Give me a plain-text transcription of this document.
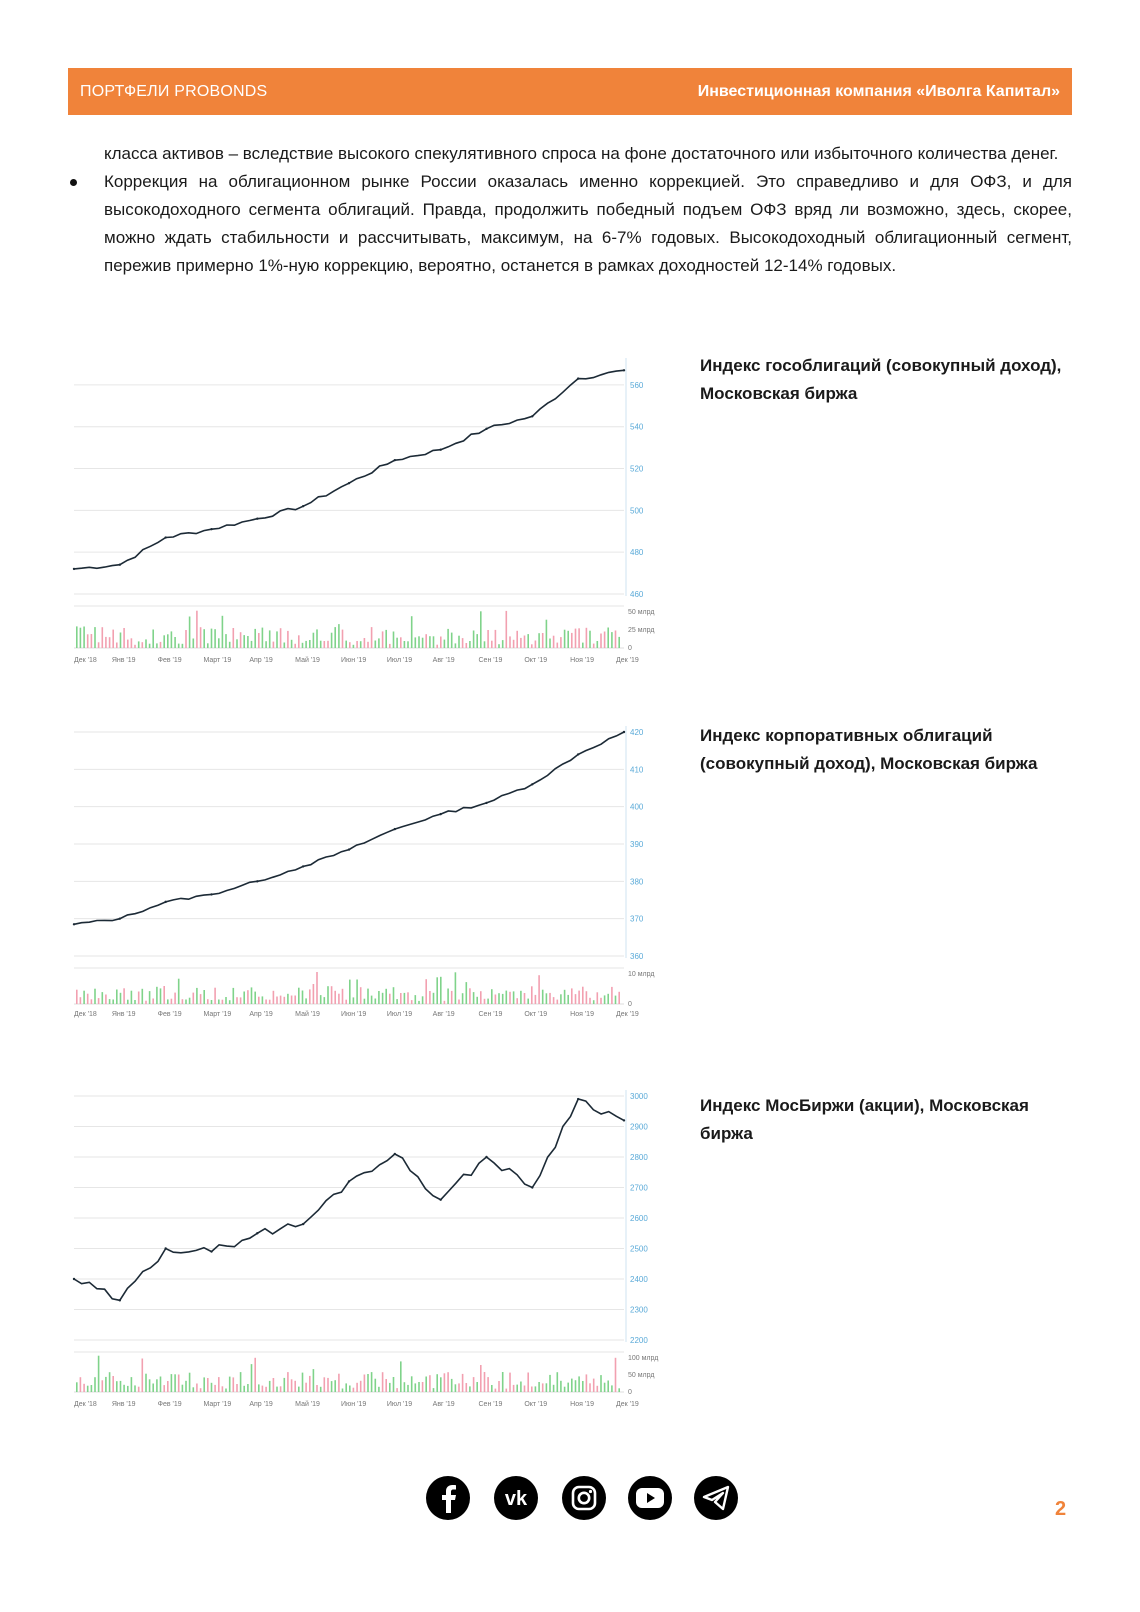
ПОРТФЕЛИ PROBONDS	Инвестиционная компания «Иволга Капитал»

класса активов – вследствие высокого спекулятивного спроса на фоне достаточного или избыточного количества денег.

Коррекция на облигационном рынке России оказалась именно коррекцией. Это справедливо и для ОФЗ, и для высокодоходного сегмента облигаций. Правда, продолжить победный подъем ОФЗ вряд ли возможно, здесь, скорее, можно ждать стабильности и рассчитывать, максимум, на 6-7% годовых. Высокодоходный облигационный сегмент, пережив примерно 1%-ную коррекцию, вероятно, останется в рамках доходностей 12-14% годовых.

460
480
500
520
540
560
50 млрд
25 млрд
0
Дек '18 Янв '19	Фев '19	Март '19	Апр '19	Май '19	Июн '19	Июл '19	Авг '19	Сен '19	Окт '19	Ноя '19	Дек '19
Индекс гособлигаций (совокупный доход), Московская биржа
360
370
380
390
400
410
420
10 млрд
0
Дек '18 Янв '19	Фев '19	Март '19	Апр '19	Май '19	Июн '19	Июл '19	Авг '19	Сен '19	Окт '19	Ноя '19	Дек '19
Индекс корпоративных облигаций (совокупный доход), Московская биржа
2200
2300
2400
2500
2600
2700
2800
2900
3000
100 млрд
50 млрд
0
Дек '18 Янв '19	Фев '19	Март '19	Апр '19	Май '19	Июн '19	Июл '19	Авг '19	Сен '19	Окт '19	Ноя '19	Дек '19
Индекс МосБиржи (акции), Московская биржа
vk	2
